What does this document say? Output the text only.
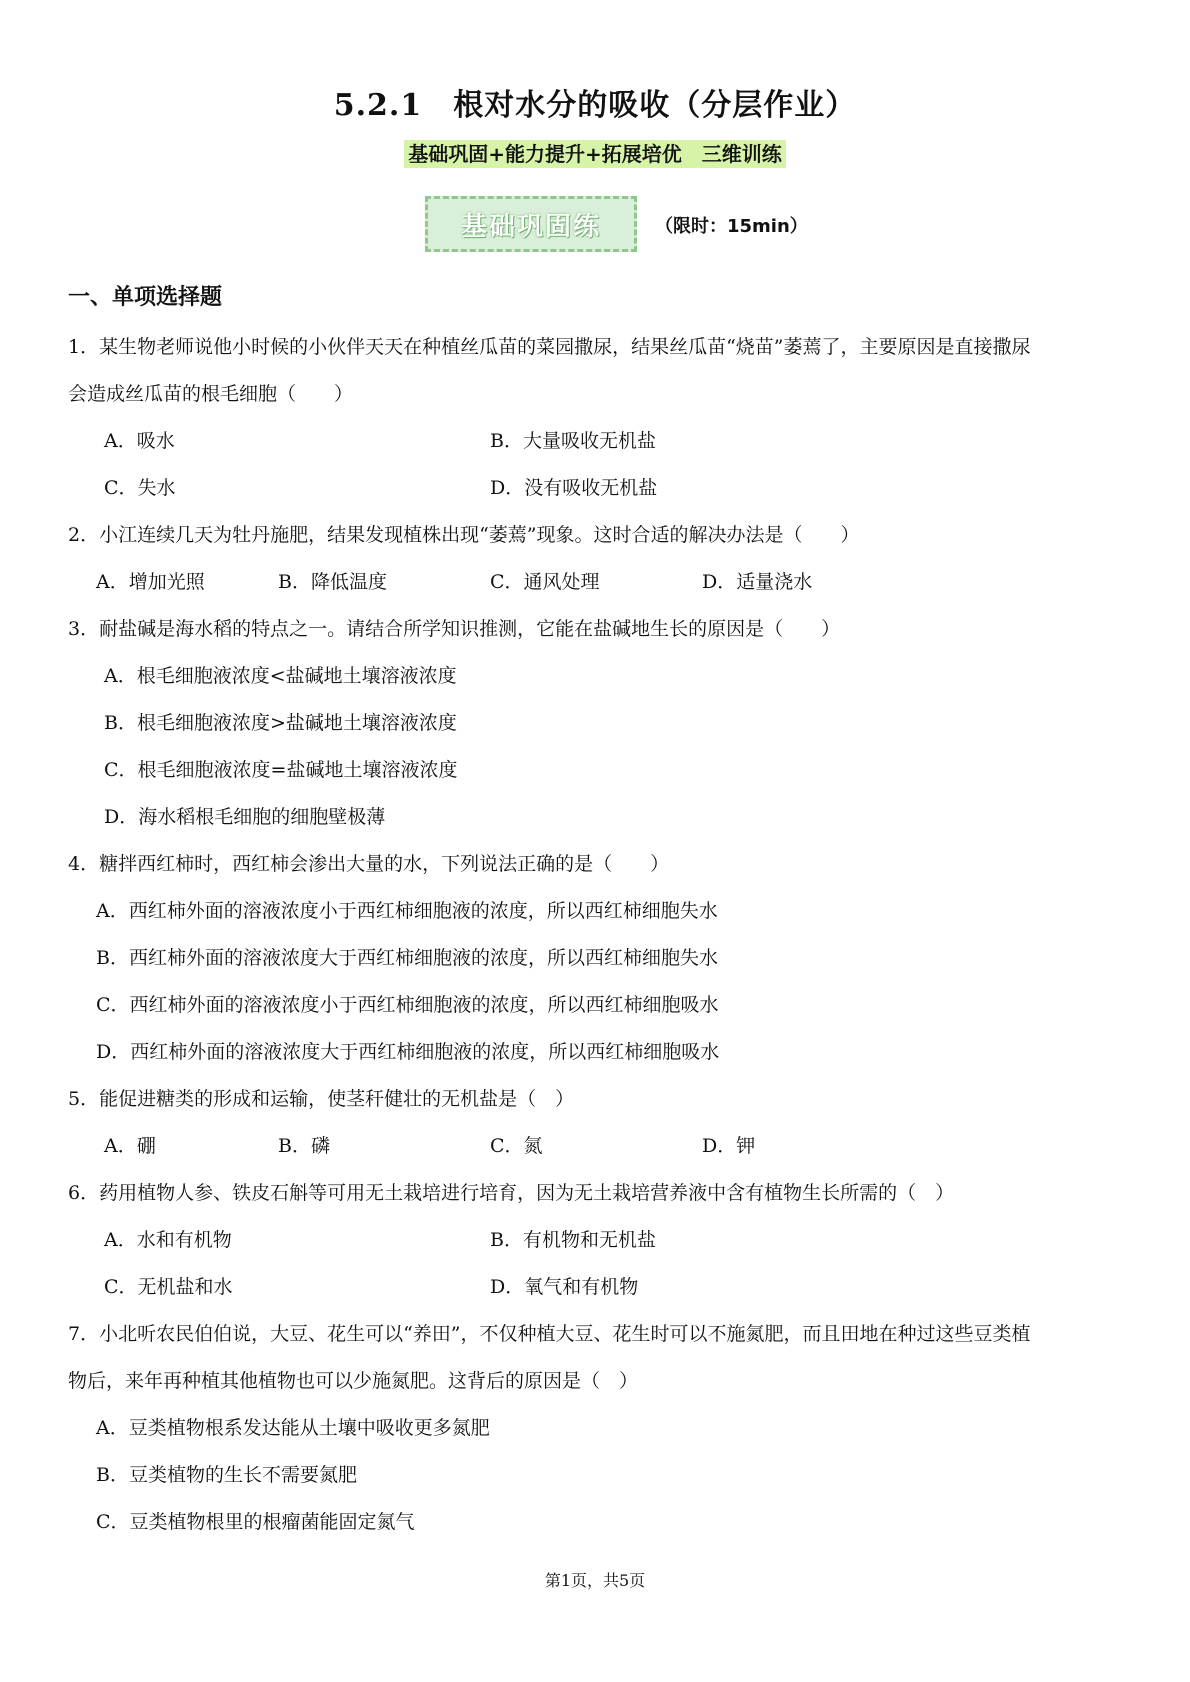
5.2.1　根对水分的吸收（分层作业）
基础巩固+能力提升+拓展培优　三维训练
基础巩固练	（限时：15min）
一、单项选择题
1．某生物老师说他小时候的小伙伴天天在种植丝瓜苗的菜园撒尿，结果丝瓜苗“烧苗”萎蔫了，主要原因是直接撒尿
会造成丝瓜苗的根毛细胞（　　）
A．吸水	B．大量吸收无机盐
C．失水	D．没有吸收无机盐
2．小江连续几天为牡丹施肥，结果发现植株出现“萎蔫”现象。这时合适的解决办法是（　　）
A．增加光照	B．降低温度	C．通风处理	D．适量浇水
3．耐盐碱是海水稻的特点之一。请结合所学知识推测，它能在盐碱地生长的原因是（　　）
A．根毛细胞液浓度<盐碱地土壤溶液浓度
B．根毛细胞液浓度>盐碱地土壤溶液浓度
C．根毛细胞液浓度=盐碱地土壤溶液浓度
D．海水稻根毛细胞的细胞壁极薄
4．糖拌西红柿时，西红柿会渗出大量的水，下列说法正确的是（　　）
A．西红柿外面的溶液浓度小于西红柿细胞液的浓度，所以西红柿细胞失水
B．西红柿外面的溶液浓度大于西红柿细胞液的浓度，所以西红柿细胞失水
C．西红柿外面的溶液浓度小于西红柿细胞液的浓度，所以西红柿细胞吸水
D．西红柿外面的溶液浓度大于西红柿细胞液的浓度，所以西红柿细胞吸水
5．能促进糖类的形成和运输，使茎秆健壮的无机盐是（　）
A．硼	B．磷	C．氮	D．钾
6．药用植物人参、铁皮石斛等可用无土栽培进行培育，因为无土栽培营养液中含有植物生长所需的（　）
A．水和有机物	B．有机物和无机盐
C．无机盐和水	D．氧气和有机物
7．小北听农民伯伯说，大豆、花生可以“养田”，不仅种植大豆、花生时可以不施氮肥，而且田地在种过这些豆类植
物后，来年再种植其他植物也可以少施氮肥。这背后的原因是（　）
A．豆类植物根系发达能从土壤中吸收更多氮肥
B．豆类植物的生长不需要氮肥
C．豆类植物根里的根瘤菌能固定氮气
第1页，共5页
